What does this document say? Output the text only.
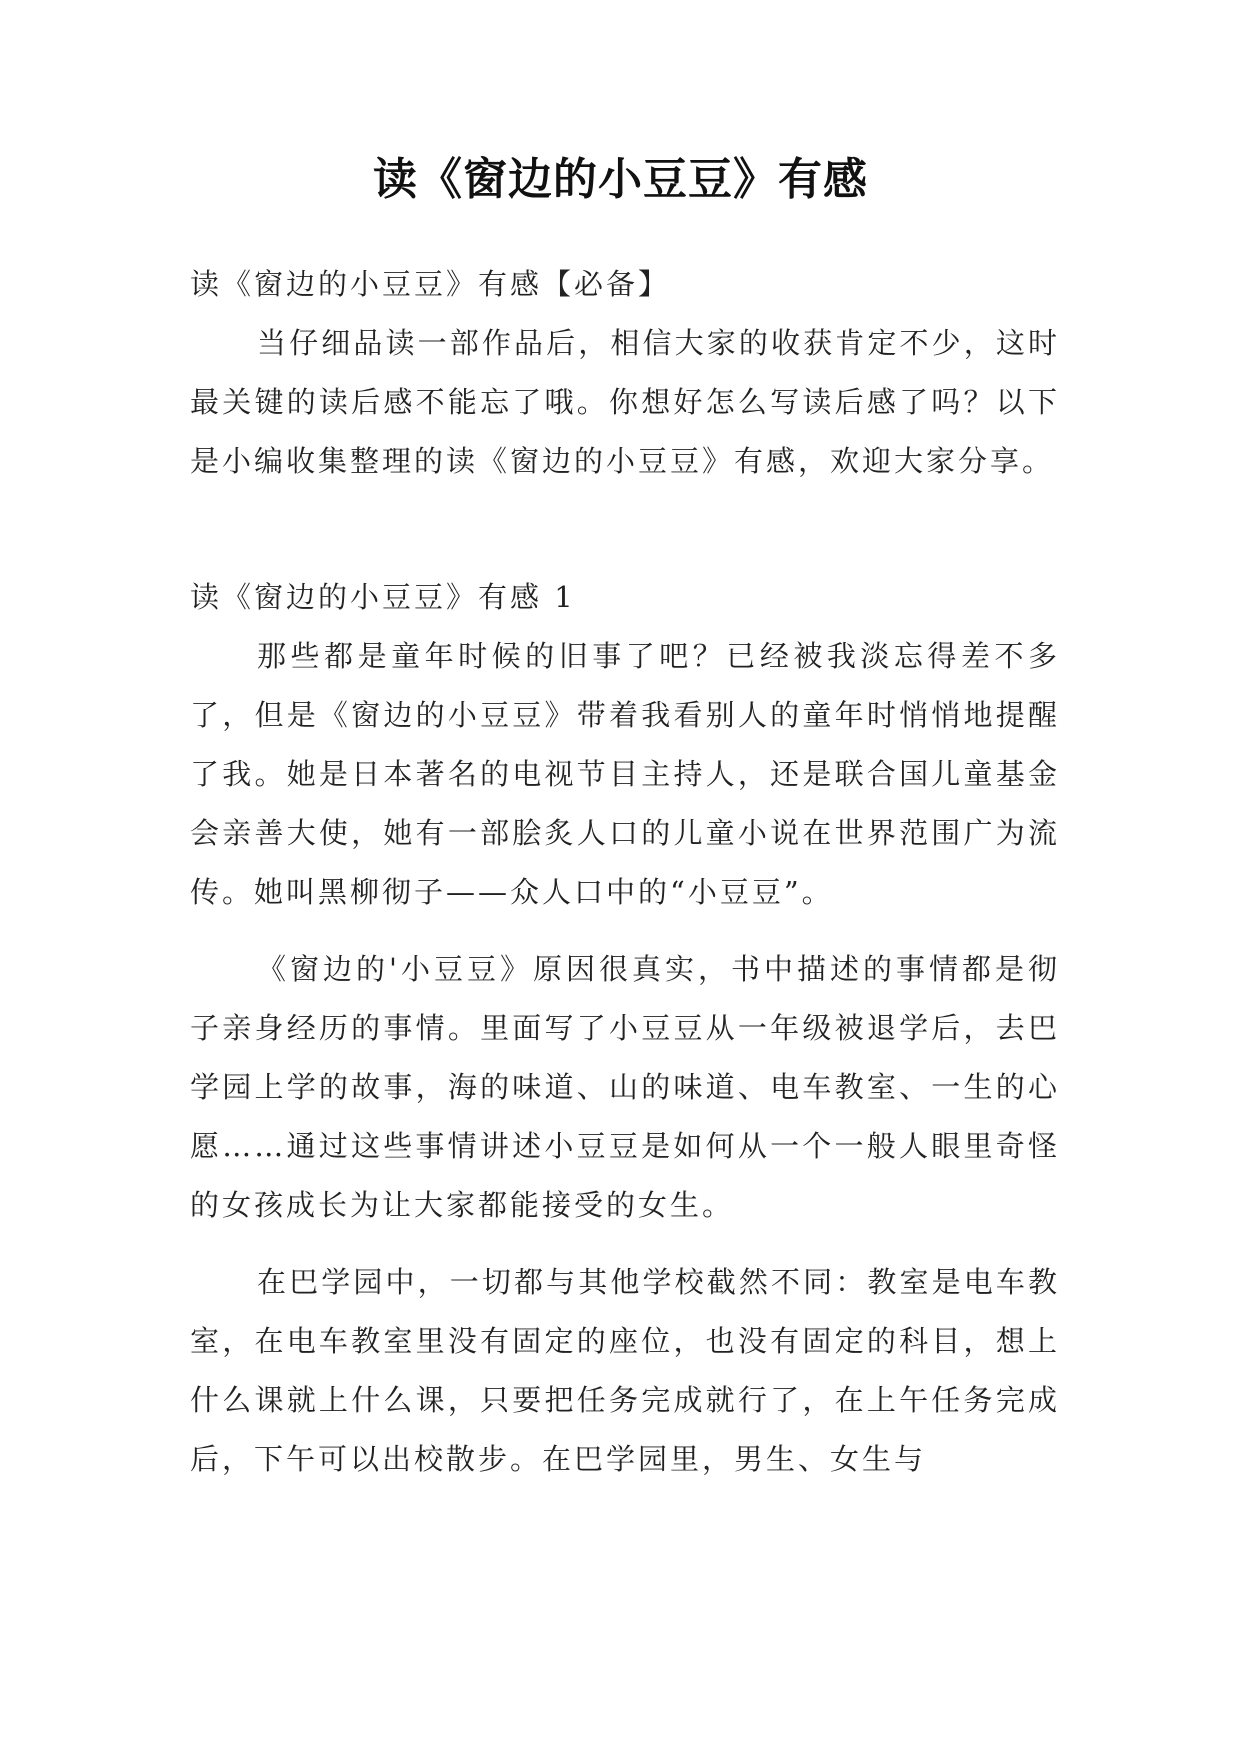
读《窗边的小豆豆》有感
读《窗边的小豆豆》有感【必备】
当仔细品读一部作品后，相信大家的收获肯定不少，这时最关键的读后感不能忘了哦。你想好怎么写读后感了吗？以下是小编收集整理的读《窗边的小豆豆》有感，欢迎大家分享。
读《窗边的小豆豆》有感 1
那些都是童年时候的旧事了吧？已经被我淡忘得差不多了，但是《窗边的小豆豆》带着我看别人的童年时悄悄地提醒了我。她是日本著名的电视节目主持人，还是联合国儿童基金会亲善大使，她有一部脍炙人口的儿童小说在世界范围广为流传。她叫黑柳彻子——众人口中的“小豆豆”。
《窗边的'小豆豆》原因很真实，书中描述的事情都是彻子亲身经历的事情。里面写了小豆豆从一年级被退学后，去巴学园上学的故事，海的味道、山的味道、电车教室、一生的心愿……通过这些事情讲述小豆豆是如何从一个一般人眼里奇怪的女孩成长为让大家都能接受的女生。
在巴学园中，一切都与其他学校截然不同：教室是电车教室，在电车教室里没有固定的座位，也没有固定的科目，想上什么课就上什么课，只要把任务完成就行了，在上午任务完成后，下午可以出校散步。在巴学园里，男生、女生与
